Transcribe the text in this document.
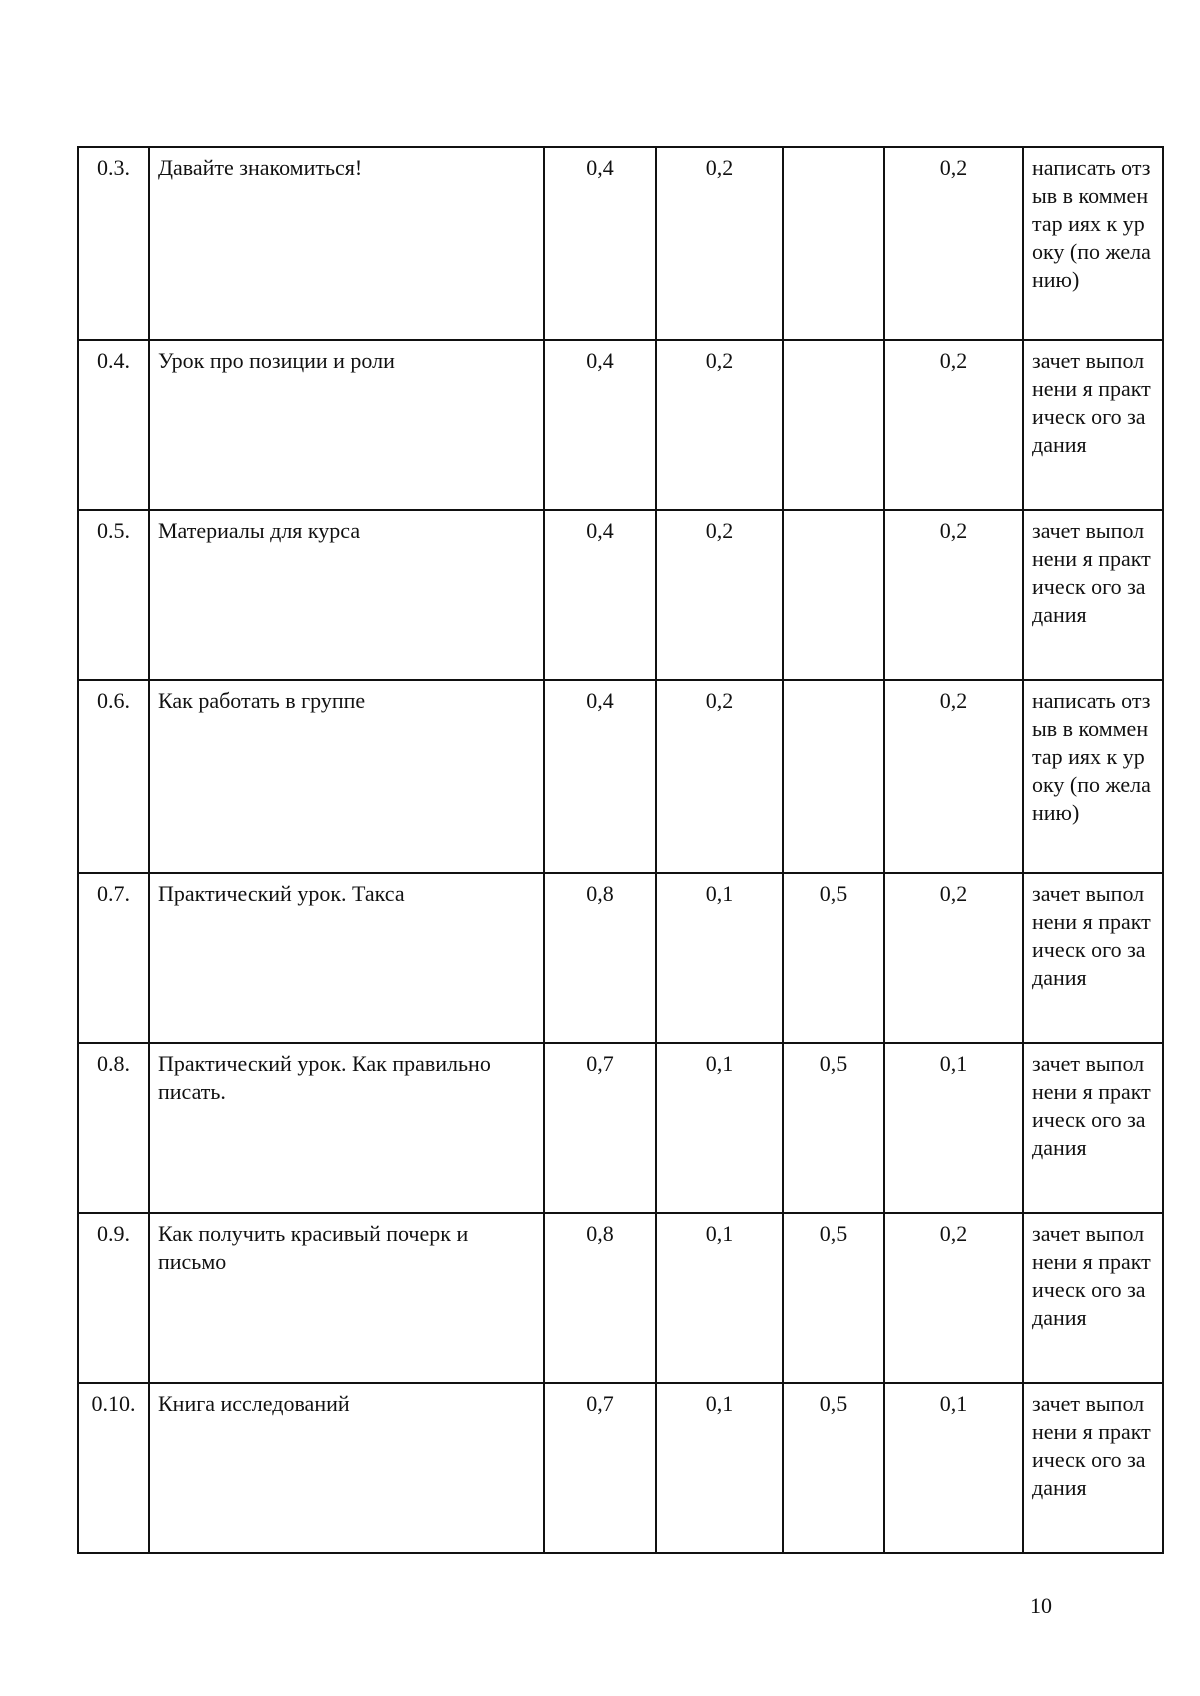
0.3.	Давайте знакомиться!	0,4	0,2		0,2	написать отзыв в комментар иях к уроку (по желанию)
0.4.	Урок про позиции и роли	0,4	0,2		0,2	зачет выполнени я практическ ого задания
0.5.	Материалы для курса	0,4	0,2		0,2	зачет выполнени я практическ ого задания
0.6.	Как работать в группе	0,4	0,2		0,2	написать отзыв в комментар иях к уроку (по желанию)
0.7.	Практический урок. Такса	0,8	0,1	0,5	0,2	зачет выполнени я практическ ого задания
0.8.	Практический урок. Как правильно писать.	0,7	0,1	0,5	0,1	зачет выполнени я практическ ого задания
0.9.	Как получить красивый почерк и письмо	0,8	0,1	0,5	0,2	зачет выполнени я практическ ого задания
0.10.	Книга исследований	0,7	0,1	0,5	0,1	зачет выполнени я практическ ого задания
10
